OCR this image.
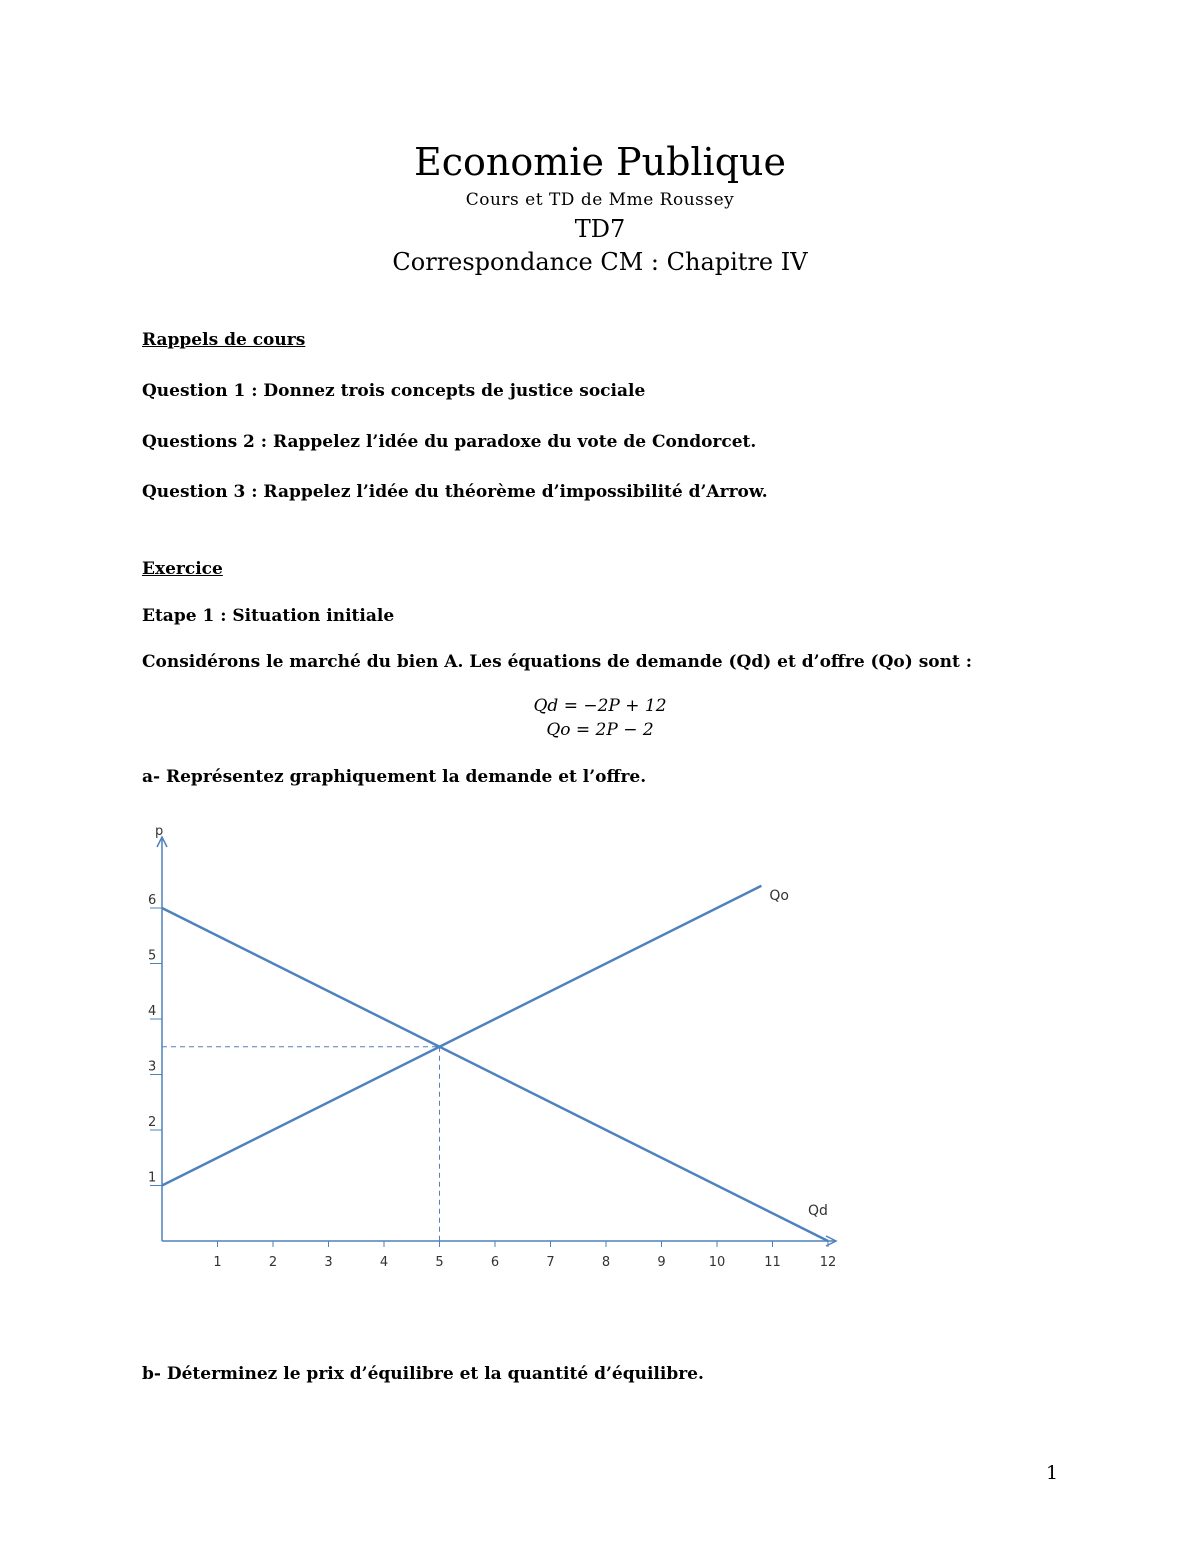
Economie Publique
Cours et TD de Mme Roussey
TD7
Correspondance CM : Chapitre IV
Rappels de cours
Question 1 : Donnez trois concepts de justice sociale
Questions 2 : Rappelez l’idée du paradoxe du vote de Condorcet.
Question 3 : Rappelez l’idée du théorème d’impossibilité d’Arrow.
Exercice
Etape 1 : Situation initiale
Considérons le marché du bien A. Les équations de demande (Qd) et d’offre (Qo) sont :
Qd = −2P + 12
Qo = 2P − 2
a- Représentez graphiquement la demande et l’offre.
p
1
2
3
4
5
6
1	2	3	4	5	6	7	8	9	10	11	12
Qd
Qo
b- Déterminez le prix d’équilibre et la quantité d’équilibre.
1
